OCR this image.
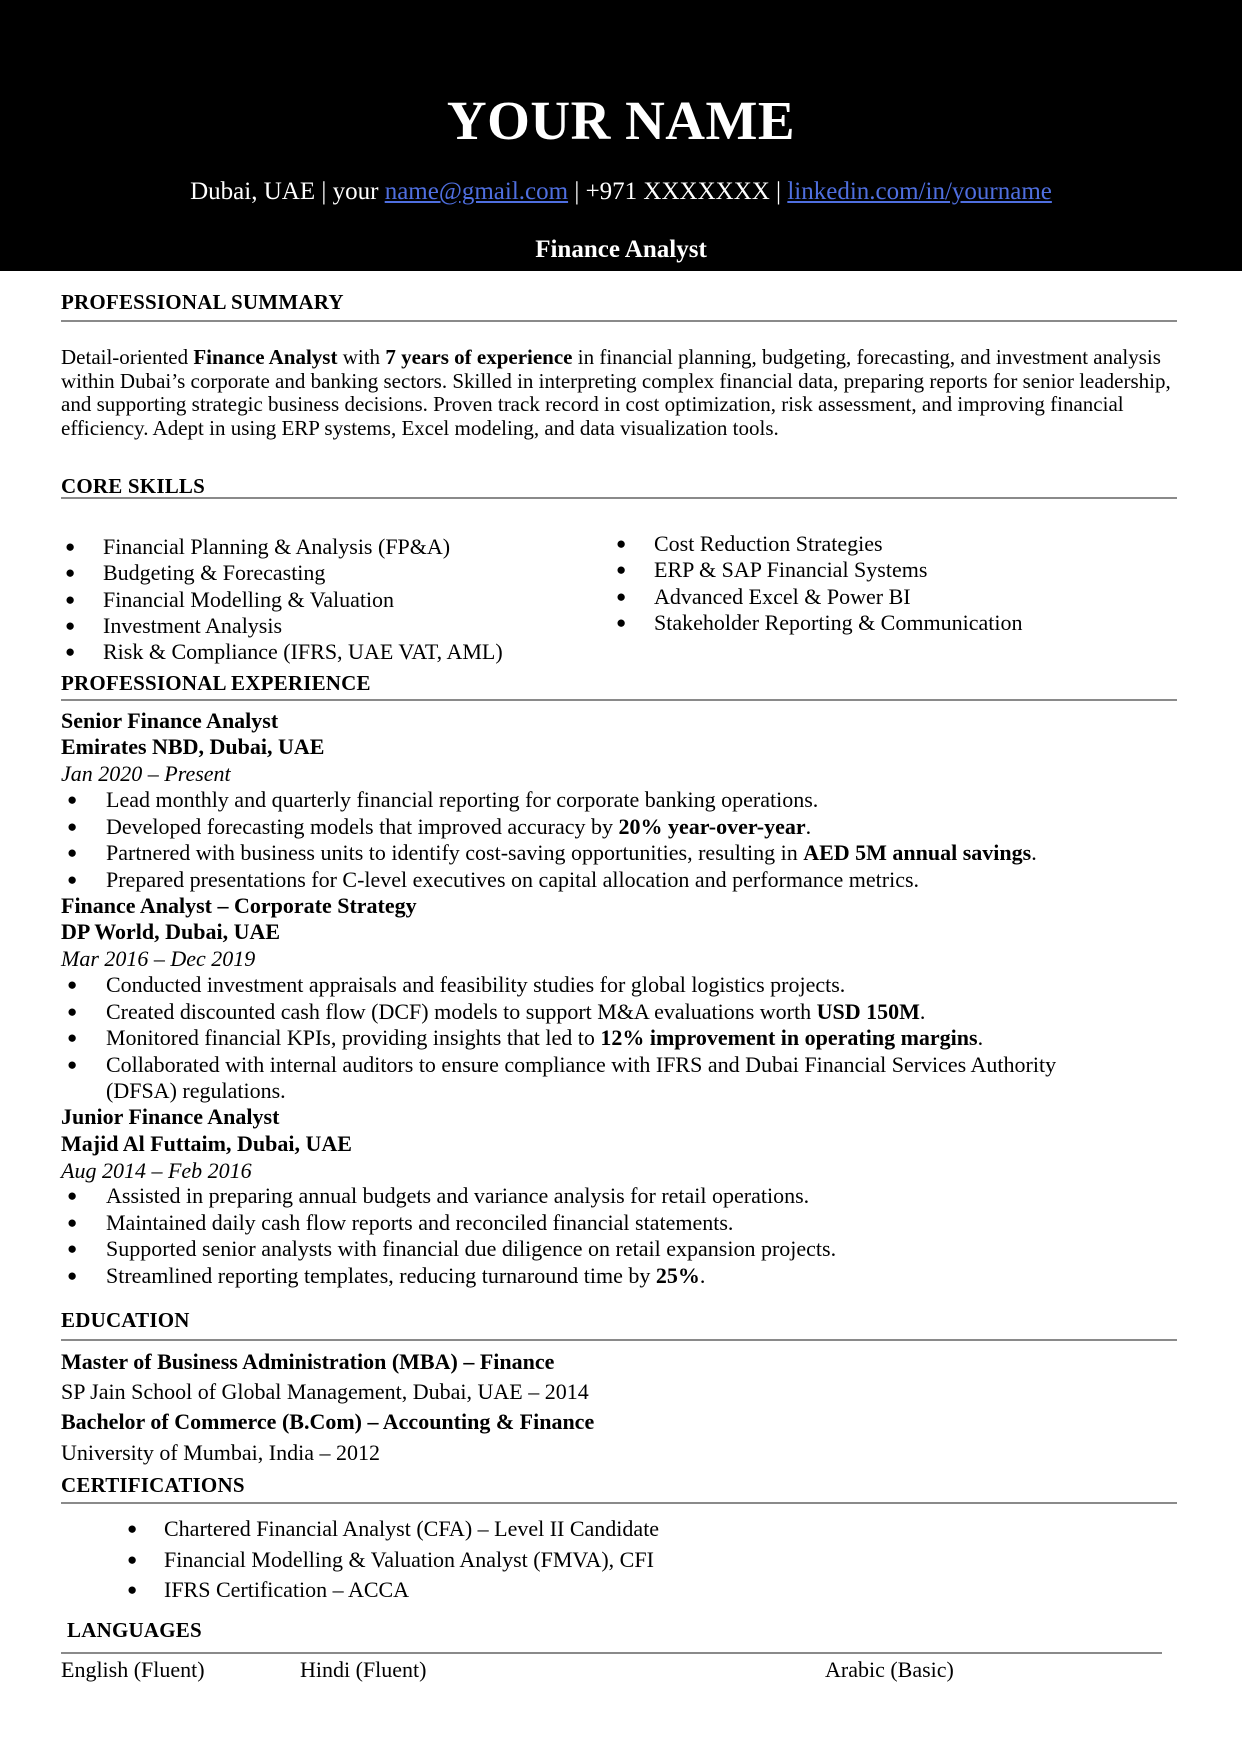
YOUR NAME
Dubai, UAE | your name@gmail.com | +971 XXXXXXX | linkedin.com/in/yourname
Finance Analyst
PROFESSIONAL SUMMARY
Detail-oriented Finance Analyst with 7 years of experience in financial planning, budgeting, forecasting, and investment analysis within Dubai’s corporate and banking sectors. Skilled in interpreting complex financial data, preparing reports for senior leadership, and supporting strategic business decisions. Proven track record in cost optimization, risk assessment, and improving financial efficiency. Adept in using ERP systems, Excel modeling, and data visualization tools.
CORE SKILLS
● Financial Planning & Analysis (FP&A)
● Budgeting & Forecasting
● Financial Modelling & Valuation
● Investment Analysis
● Risk & Compliance (IFRS, UAE VAT, AML)
● Cost Reduction Strategies
● ERP & SAP Financial Systems
● Advanced Excel & Power BI
● Stakeholder Reporting & Communication
PROFESSIONAL EXPERIENCE
Senior Finance Analyst
Emirates NBD, Dubai, UAE
Jan 2020 – Present
● Lead monthly and quarterly financial reporting for corporate banking operations.
● Developed forecasting models that improved accuracy by 20% year-over-year.
● Partnered with business units to identify cost-saving opportunities, resulting in AED 5M annual savings.
● Prepared presentations for C-level executives on capital allocation and performance metrics.
Finance Analyst – Corporate Strategy
DP World, Dubai, UAE
Mar 2016 – Dec 2019
● Conducted investment appraisals and feasibility studies for global logistics projects.
● Created discounted cash flow (DCF) models to support M&A evaluations worth USD 150M.
● Monitored financial KPIs, providing insights that led to 12% improvement in operating margins.
● Collaborated with internal auditors to ensure compliance with IFRS and Dubai Financial Services Authority (DFSA) regulations.
Junior Finance Analyst
Majid Al Futtaim, Dubai, UAE
Aug 2014 – Feb 2016
● Assisted in preparing annual budgets and variance analysis for retail operations.
● Maintained daily cash flow reports and reconciled financial statements.
● Supported senior analysts with financial due diligence on retail expansion projects.
● Streamlined reporting templates, reducing turnaround time by 25%.
EDUCATION
Master of Business Administration (MBA) – Finance
SP Jain School of Global Management, Dubai, UAE – 2014
Bachelor of Commerce (B.Com) – Accounting & Finance
University of Mumbai, India – 2012
CERTIFICATIONS
● Chartered Financial Analyst (CFA) – Level II Candidate
● Financial Modelling & Valuation Analyst (FMVA), CFI
● IFRS Certification – ACCA
LANGUAGES
English (Fluent)	Hindi (Fluent)	Arabic (Basic)
